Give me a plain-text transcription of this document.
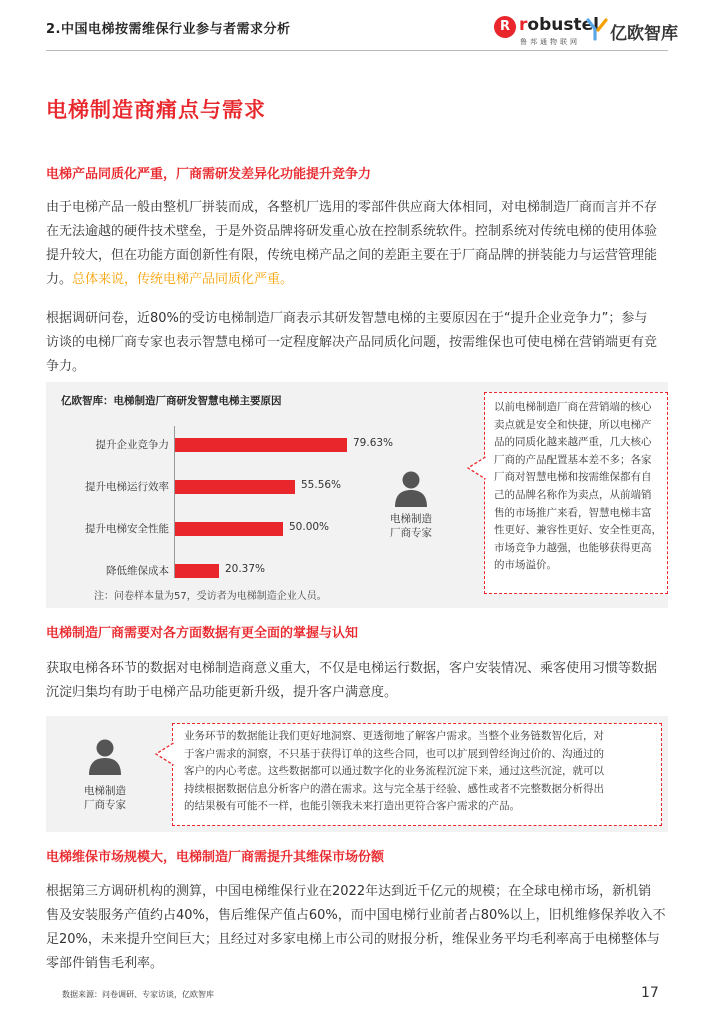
2.中国电梯按需维保行业参与者需求分析	R robustel
鲁邦通物联网 亿欧智库
电梯制造商痛点与需求
电梯产品同质化严重，厂商需研发差异化功能提升竞争力
由于电梯产品一般由整机厂拼装而成，各整机厂选用的零部件供应商大体相同，对电梯制造厂商而言并不存
在无法逾越的硬件技术壁垒，于是外资品牌将研发重心放在控制系统软件。控制系统对传统电梯的使用体验
提升较大，但在功能方面创新性有限，传统电梯产品之间的差距主要在于厂商品牌的拼装能力与运营管理能
力。总体来说，传统电梯产品同质化严重。
根据调研问卷，近80%的受访电梯制造厂商表示其研发智慧电梯的主要原因在于“提升企业竞争力”；参与
访谈的电梯厂商专家也表示智慧电梯可一定程度解决产品同质化问题，按需维保也可使电梯在营销端更有竞
争力。
亿欧智库：电梯制造厂商研发智慧电梯主要原因
提升企业竞争力	79.63%
提升电梯运行效率	55.56%
提升电梯安全性能	50.00%
降低维保成本	20.37%
注：问卷样本量为57，受访者为电梯制造企业人员。
电梯制造
厂商专家
以前电梯制造厂商在营销端的核心
卖点就是安全和快捷，所以电梯产
品的同质化越来越严重，几大核心
厂商的产品配置基本差不多；各家
厂商对智慧电梯和按需维保都有自
己的品牌名称作为卖点，从前端销
售的市场推广来看，智慧电梯丰富
性更好、兼容性更好、安全性更高，
市场竞争力越强，也能够获得更高
的市场溢价。
电梯制造厂商需要对各方面数据有更全面的掌握与认知
获取电梯各环节的数据对电梯制造商意义重大，不仅是电梯运行数据，客户安装情况、乘客使用习惯等数据
沉淀归集均有助于电梯产品功能更新升级，提升客户满意度。
电梯制造
厂商专家
业务环节的数据能让我们更好地洞察、更透彻地了解客户需求。当整个业务链数智化后，对
于客户需求的洞察，不只基于获得订单的这些合同，也可以扩展到曾经询过价的、沟通过的
客户的内心考虑。这些数据都可以通过数字化的业务流程沉淀下来，通过这些沉淀，就可以
持续根据数据信息分析客户的潜在需求。这与完全基于经验、感性或者不完整数据分析得出
的结果极有可能不一样，也能引领我未来打造出更符合客户需求的产品。
电梯维保市场规模大，电梯制造厂商需提升其维保市场份额
根据第三方调研机构的测算，中国电梯维保行业在2022年达到近千亿元的规模；在全球电梯市场，新机销
售及安装服务产值约占40%，售后维保产值占60%，而中国电梯行业前者占80%以上，旧机维修保养收入不
足20%，未来提升空间巨大；且经过对多家电梯上市公司的财报分析，维保业务平均毛利率高于电梯整体与
零部件销售毛利率。
数据来源：问卷调研、专家访谈，亿欧智库	17
